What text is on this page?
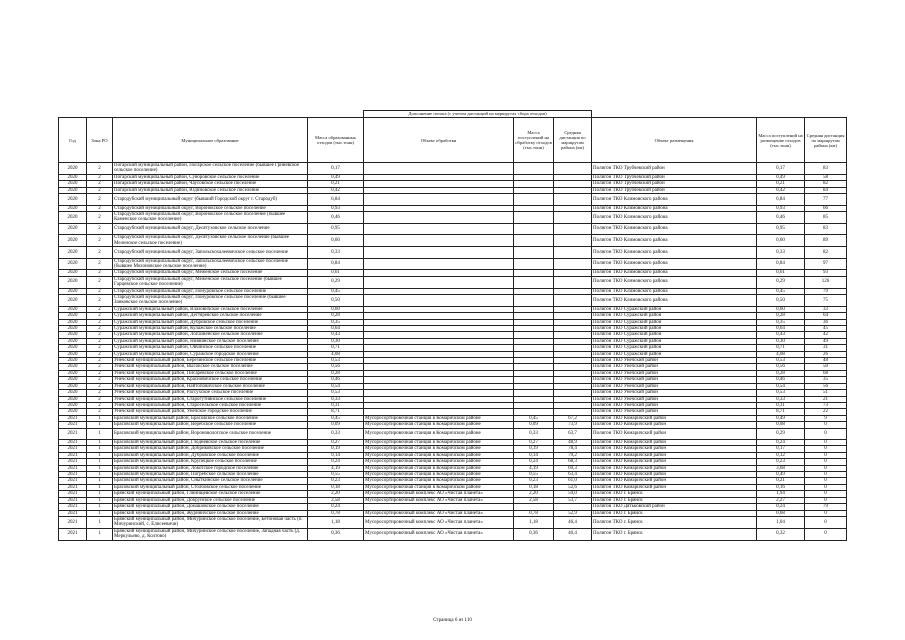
				Дополнение потока (с учетом дистанций на маршрутах сбора отходов)					
Год	Зона РО	Муниципальное образование	Масса образованных отходов (тыс.тонн)	Объект обработки	Масса поступлений на обработку отходов (тыс.тонн)	Средняя дистанция по маршрутам района (км)	Объект размещения	Масса поступлений на размещение отходов (тыс.тонн)	Средняя дистанция по маршрутам района (км)
2020	2	Погарский муниципальный район, Погарское сельское поселение (бывшее Гринёвское сельское поселение)	0,17				Полигон ТКО Трубчевский район	0,17	83
2020	2	Погарский муниципальный район, Суворовское сельское поселение	0,49				Полигон ТКО Трубчевский район	0,49	58
2020	2	Погарский муниципальный район, Чаусовское сельское поселение	0,21				Полигон ТКО Трубчевский район	0,21	82
2020	2	Погарский муниципальный район, Юдиновское сельское поселение	0,42				Полигон ТКО Трубчевский район	0,42	84
2020	2	Стародубский муниципальный округ (бывший Городской округ г. Стародуб)	6,84				Полигон ТКО Климовского района	6,84	77
2020	2	Стародубский муниципальный округ, Воронокское сельское поселение	0,93				Полигон ТКО Климовского района	0,93	66
2020	2	Стародубский муниципальный округ, Воронокское сельское поселение (бывшее Каменское сельское поселение)	0,46				Полигон ТКО Климовского района	0,46	85
2020	2	Стародубский муниципальный округ, Десятуховское сельское поселение	0,95				Полигон ТКО Климовского района	0,95	83
2020	2	Стародубский муниципальный округ, Десятуховское сельское поселение (бывшее Меленское сельское поселение)	0,60				Полигон ТКО Климовского района	0,60	89
2020	2	Стародубский муниципальный округ, Запольскохалеевичское сельское поселение	0,33				Полигон ТКО Климовского района	0,33	82
2020	2	Стародубский муниципальный округ, Запольскохалеевичское сельское поселение (бывшее Мохоновское сельское поселение)	0,84				Полигон ТКО Климовского района	0,84	97
2020	2	Стародубский муниципальный округ, Меженское сельское поселение	0,61				Полигон ТКО Климовского района	0,61	93
2020	2	Стародубский муниципальный округ, Меженское сельское поселение (бывшее Гарцевское сельское поселение)	0,29				Полигон ТКО Климовского района	0,29	126
2020	2	Стародубский муниципальный округ, Понуровское сельское поселение	0,45				Полигон ТКО Климовского района	0,45	79
2020	2	Стародубский муниципальный округ, Понуровское сельское поселение (бывшее Занковское сельское поселение)	0,50				Полигон ТКО Климовского района	0,50	75
2020	2	Суражский муниципальный район, Влазовичское сельское поселение	0,60				Полигон ТКО Суражский район	0,60	33
2020	2	Суражский муниципальный район, Дегтяревское сельское поселение	0,28				Полигон ТКО Суражский район	0,28	64
2020	2	Суражский муниципальный район, Дубровское сельское поселение	0,35				Полигон ТКО Суражский район	0,35	36
2020	2	Суражский муниципальный район, Кулажское сельское поселение	0,64				Полигон ТКО Суражский район	0,64	45
2020	2	Суражский муниципальный район, Лопазненское сельское поселение	0,43				Полигон ТКО Суражский район	0,43	42
2020	2	Суражский муниципальный район, Нивнянское сельское поселение	0,30				Полигон ТКО Суражский район	0,30	49
2020	2	Суражский муниципальный район, Овчинское сельское поселение	0,71				Полигон ТКО Суражский район	0,71	31
2020	2	Суражский муниципальный район, Суражское городское поселение	4,08				Полигон ТКО Суражский район	4,08	26
2020	2	Унечский муниципальный район, Березинское сельское поселение	0,53				Полигон ТКО Унечский район	0,53	48
2020	2	Унечский муниципальный район, Высокское сельское поселение	0,56				Полигон ТКО Унечский район	0,56	50
2020	2	Унечский муниципальный район, Писаревское сельское поселение	0,28				Полигон ТКО Унечский район	0,28	68
2020	2	Унечский муниципальный район, Красновичское сельское поселение	0,46				Полигон ТКО Унечский район	0,46	35
2020	2	Унечский муниципальный район, Найтоповичское сельское поселение	0,54				Полигон ТКО Унечский район	0,54	56
2020	2	Унечский муниципальный район, Рассухское сельское поселение	0,53				Полигон ТКО Унечский район	0,53	51
2020	2	Унечский муниципальный район, Старогутнянское сельское поселение	0,33				Полигон ТКО Унечский район	0,33	21
2020	2	Унечский муниципальный район, Старосельское сельское поселение	0,31				Полигон ТКО Унечский район	0,31	73
2020	2	Унечский муниципальный район, Унечское городское поселение	8,71				Полигон ТКО Унечский район	8,71	22
2021	1	Брасовский муниципальный район, Брасовское сельское поселение	0,45	Мусоросортировочная станция в Комаричском районе	0,45	67,2	Полигон ТКО Комаричский район	0,49	9
2021	1	Брасовский муниципальный район, Веребское сельское поселение	0,09	Мусоросортировочная станция в Комаричском районе	0,09	73,9	Полигон ТКО Комаричский район	0,08	0
2021	1	Брасовский муниципальный район, Вороновологское сельское поселение	0,33	Мусоросортировочная станция в Комаричском районе	0,33	63,7	Полигон ТКО Комаричский район	0,29	0
2021	1	Брасовский муниципальный район, Глодневское сельское поселение	0,27	Мусоросортировочная станция в Комаричском районе	0,27	48,9	Полигон ТКО Комаричский район	0,24	0
2021	1	Брасовский муниципальный район, Добриковское сельское поселение	0,19	Мусоросортировочная станция в Комаричском районе	0,19	78,4	Полигон ТКО Комаричский район	0,17	0
2021	1	Брасовский муниципальный район, Дубровское сельское поселение	0,14	Мусоросортировочная станция в Комаричском районе	0,14	79,2	Полигон ТКО Комаричский район	0,12	0
2021	1	Брасовский муниципальный район, Крупецкое сельское поселение	0,24	Мусоросортировочная станция в Комаричском районе	0,24	68,3	Полигон ТКО Комаричский район	0,23	0
2021	1	Брасовский муниципальный район, Локотское городское поселение	4,19	Мусоросортировочная станция в Комаричском районе	4,19	69,3	Полигон ТКО Комаричский район	3,68	0
2021	1	Брасовский муниципальный район, Погребское сельское поселение	0,55	Мусоросортировочная станция в Комаричском районе	0,55	63,4	Полигон ТКО Комаричский район	0,49	0
2021	1	Брасовский муниципальный район, Сныткинское сельское поселение	0,23	Мусоросортировочная станция в Комаричском районе	0,23	61,0	Полигон ТКО Комаричский район	0,21	0
2021	1	Брасовский муниципальный район, Столбовское сельское поселение	0,18	Мусоросортировочная станция в Комаричском районе	0,18	52,6	Полигон ТКО Комаричский район	0,16	0
2021	1	Брянский муниципальный район, Глинищевское сельское поселение	2,20	Мусоросортировочный комплекс АО «Чистая планета»	2,20	59,0	Полигон ТКО г. Брянск	1,94	0
2021	1	Брянский муниципальный район, Добрунское сельское поселение	2,58	Мусоросортировочный комплекс АО «Чистая планета»	2,58	53,7	Полигон ТКО г. Брянск	2,27	0
2021	1	Брянский муниципальный район, Домашовское сельское поселение	0,24				Полигон ТКО Дятьковский район	0,24	79
2021	1	Брянский муниципальный район, Журиничское сельское поселение	0,78	Мусоросортировочный комплекс АО «Чистая планета»	0,78	52,9	Полигон ТКО г. Брянск	0,68	0
2021	1	Брянский муниципальный район, Мичуринское сельское поселение, Бетоновая часть (п. Мичуринский, с. Елисеевичи)	1,18	Мусоросортировочный комплекс АО «Чистая планета»	1,18	46,4	Полигон ТКО г. Брянск	1,04	0
2021	1	Брянский муниципальный район, Мичуринское сельское поселение, Западная часть (д. Меркульево, д. Колтово)	0,36	Мусоросортировочный комплекс АО «Чистая планета»	0,36	40,4	Полигон ТКО г. Брянск	0,32	0
Страница 6 из 110
